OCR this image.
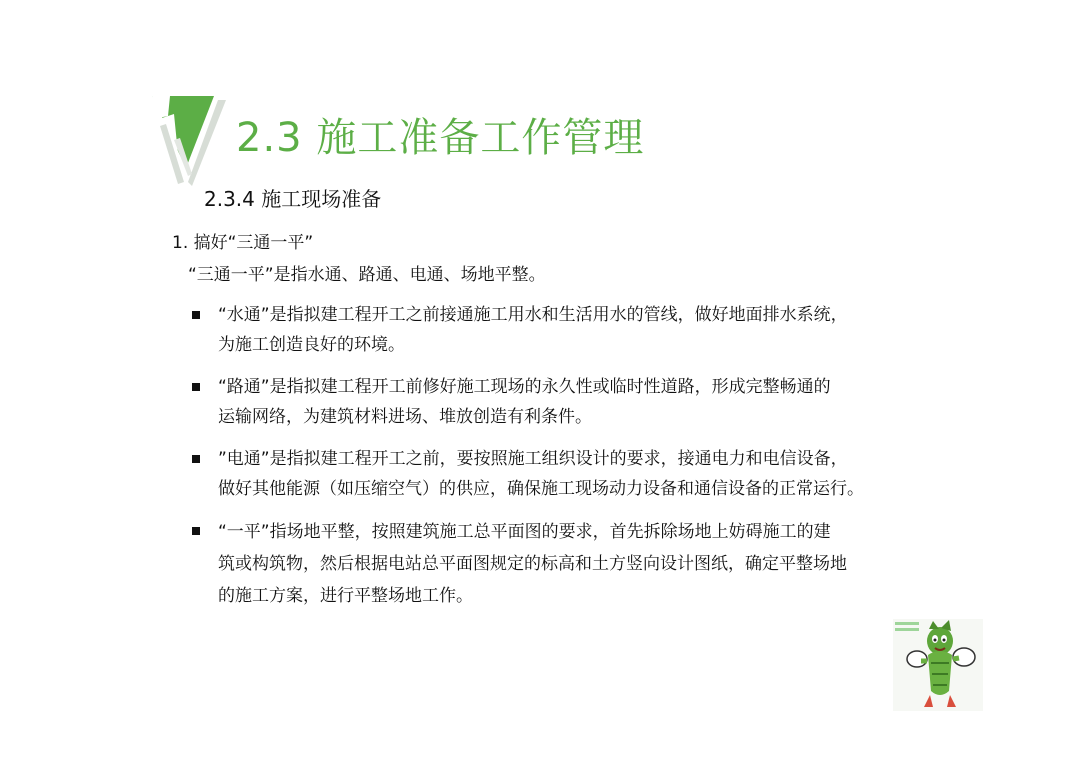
2.3 施工准备工作管理
2.3.4 施工现场准备
1. 搞好“三通一平”
“三通一平”是指水通、路通、电通、场地平整。
“水通”是指拟建工程开工之前接通施工用水和生活用水的管线，做好地面排水系统，
为施工创造良好的环境。
“路通”是指拟建工程开工前修好施工现场的永久性或临时性道路，形成完整畅通的
运输网络，为建筑材料进场、堆放创造有利条件。
”电通”是指拟建工程开工之前，要按照施工组织设计的要求，接通电力和电信设备，
做好其他能源（如压缩空气）的供应，确保施工现场动力设备和通信设备的正常运行。
“一平”指场地平整，按照建筑施工总平面图的要求，首先拆除场地上妨碍施工的建
筑或构筑物，然后根据电站总平面图规定的标高和土方竖向设计图纸，确定平整场地
的施工方案，进行平整场地工作。
